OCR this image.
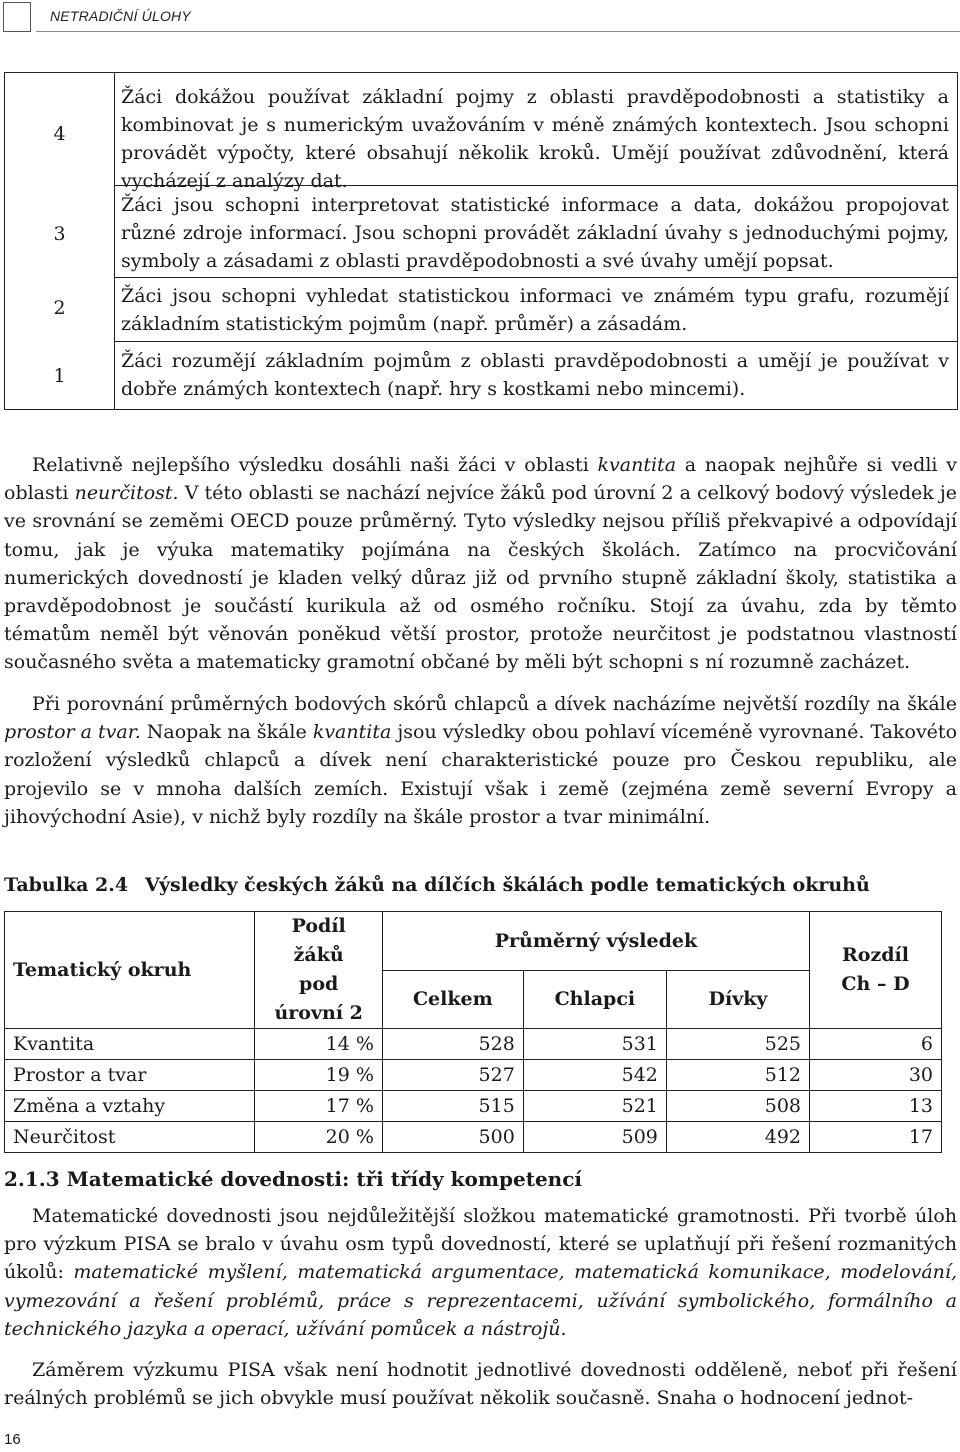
NETRADIČNÍ ÚLOHY
4
Žáci dokážou používat základní pojmy z oblasti pravděpodobnosti a statistiky a kombinovat je s numerickým uvažováním v méně známých kontextech. Jsou schopni provádět výpočty, které obsahují několik kroků. Umějí používat zdůvodnění, která vycházejí z analýzy dat.
3
Žáci jsou schopni interpretovat statistické informace a data, dokážou propojovat různé zdroje informací. Jsou schopni provádět základní úvahy s jednoduchými pojmy, symboly a zásadami z oblasti pravděpodobnosti a své úvahy umějí popsat.
2
Žáci jsou schopni vyhledat statistickou informaci ve známém typu grafu, rozumějí základním statistickým pojmům (např. průměr) a zásadám.
1
Žáci rozumějí základním pojmům z oblasti pravděpodobnosti a umějí je používat v dobře známých kontextech (např. hry s kostkami nebo mincemi).

Relativně nejlepšího výsledku dosáhli naši žáci v oblasti kvantita a naopak nejhůře si vedli v oblasti neurčitost. V této oblasti se nachází nejvíce žáků pod úrovní 2 a celkový bodový výsledek je ve srovnání se zeměmi OECD pouze průměrný. Tyto výsledky nejsou příliš překvapivé a odpovídají tomu, jak je výuka matematiky pojímána na českých školách. Zatímco na procvičování numerických dovedností je kladen velký důraz již od prvního stupně základní školy, statistika a pravděpodobnost je součástí kurikula až od osmého ročníku. Stojí za úvahu, zda by těmto tématům neměl být věnován poněkud větší prostor, protože neurčitost je podstatnou vlastností současného světa a matematicky gramotní občané by měli být schopni s ní rozumně zacházet.

Při porovnání průměrných bodových skórů chlapců a dívek nacházíme největší rozdíly na škále prostor a tvar. Naopak na škále kvantita jsou výsledky obou pohlaví víceméně vyrovnané. Takovéto rozložení výsledků chlapců a dívek není charakteristické pouze pro Českou republiku, ale projevilo se v mnoha dalších zemích. Existují však i země (zejména země severní Evropy a jihovýchodní Asie), v nichž byly rozdíly na škále prostor a tvar minimální.

Tabulka 2.4 Výsledky českých žáků na dílčích škálách podle tematických okruhů
Tematický okruh	Podíl žáků
pod úrovní 2	Průměrný výsledek			Rozdíl
Ch – D
		Celkem	Chlapci	Dívky	
Kvantita	14 %	528	531	525	6
Prostor a tvar	19 %	527	542	512	30
Změna a vztahy	17 %	515	521	508	13
Neurčitost	20 %	500	509	492	17
2.1.3 Matematické dovednosti: tři třídy kompetencí

Matematické dovednosti jsou nejdůležitější složkou matematické gramotnosti. Při tvorbě úloh pro výzkum PISA se bralo v úvahu osm typů dovedností, které se uplatňují při řešení rozmanitých úkolů: matematické myšlení, matematická argumentace, matematická komunikace, modelování, vymezování a řešení problémů, práce s reprezentacemi, užívání symbolického, formálního a technického jazyka a operací, užívání pomůcek a nástrojů.

Záměrem výzkumu PISA však není hodnotit jednotlivé dovednosti odděleně, neboť při řešení reálných problémů se jich obvykle musí používat několik současně. Snaha o hodnocení jednot-

16
